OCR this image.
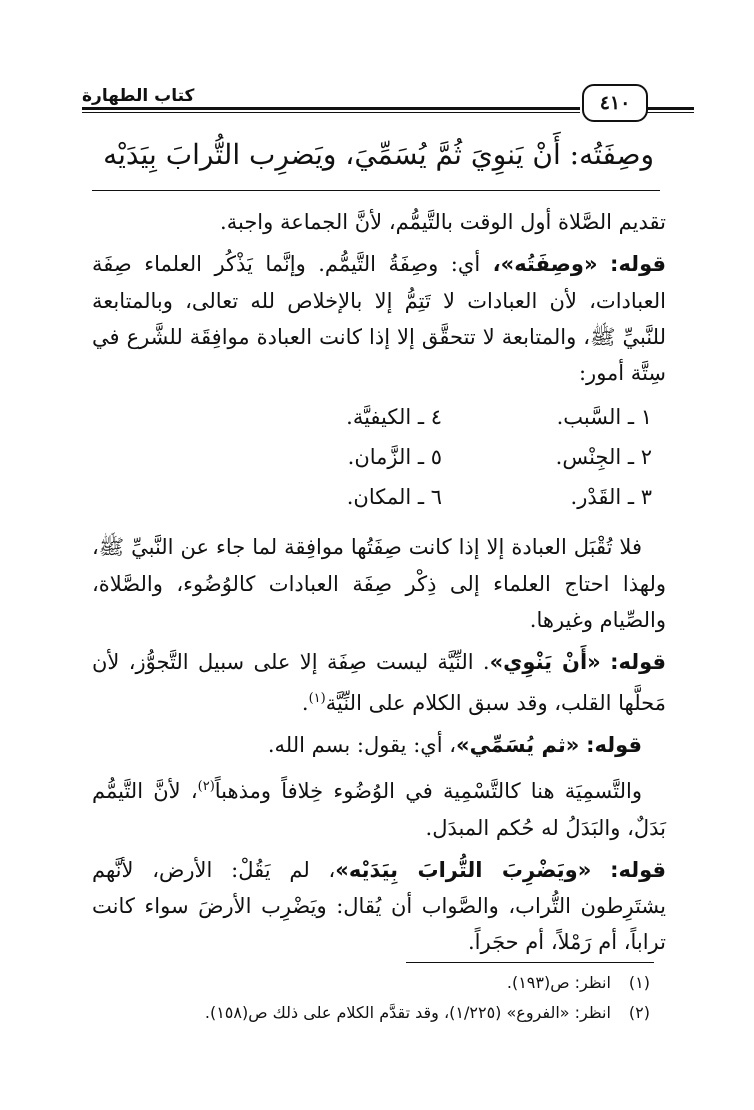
كتاب الطهارة	٤١٠
وصِفَتُه: أَنْ يَنوِيَ ثُمَّ يُسَمِّيَ، ويَضرِب التُّرابَ بِيَدَيْه

تقديم الصَّلاة أول الوقت بالتَّيمُّم، لأنَّ الجماعة واجبة.

قوله: «وصِفَتُه»، أي: وصِفَةُ التَّيمُّم. وإنَّما يَذْكُر العلماء صِفَة العبادات، لأن العبادات لا تَتِمُّ إلا بالإخلاص لله تعالى، وبالمتابعة للنَّبيِّ ﷺ، والمتابعة لا تتحقَّق إلا إذا كانت العبادة موافِقَة للشَّرع في سِتَّة أمور:

١ ـ السَّبب.
٤ ـ الكيفيَّة.
٢ ـ الجِنْس.
٥ ـ الزَّمان.
٣ ـ القَدْر.
٦ ـ المكان.

فلا تُقْبَل العبادة إلا إذا كانت صِفَتُها موافِقة لما جاء عن النَّبيِّ ﷺ، ولهذا احتاج العلماء إلى ذِكْر صِفَة العبادات كالوُضُوء، والصَّلاة، والصِّيام وغيرها.

قوله: «أَنْ يَنْوِي». النِّيَّة ليست صِفَة إلا على سبيل التَّجوُّز، لأن مَحلَّها القلب، وقد سبق الكلام على النِّيَّة$^{(١)}$.

قوله: «ثم يُسَمِّي»، أي: يقول: بسم الله.

والتَّسمِيَة هنا كالتَّسْمِية في الوُضُوء خِلافاً ومذهباً$^{(٢)}$، لأنَّ التَّيمُّم بَدَلٌ، والبَدَلُ له حُكم المبدَل.

قوله: «ويَضْرِبَ التُّرابَ بِيَدَيْه»، لم يَقُلْ: الأرض، لأنَّهم يشتَرِطون التُّراب، والصَّواب أن يُقال: ويَضْرِب الأرضَ سواء كانت تراباً، أم رَمْلاً، أم حجَراً.

(١) انظر: ص(١٩٣).
(٢) انظر: «الفروع» (١/٢٢٥)، وقد تقدَّم الكلام على ذلك ص(١٥٨).
